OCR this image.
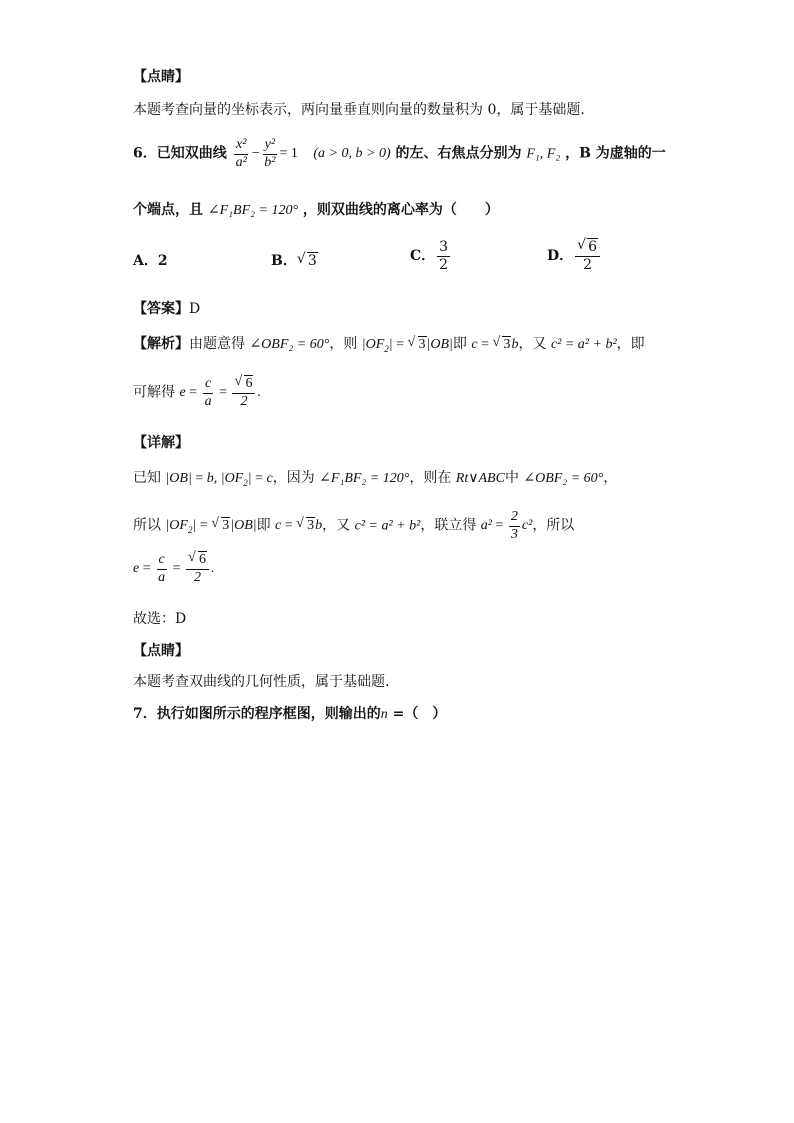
【点睛】
本题考查向量的坐标表示，两向量垂直则向量的数量积为 0，属于基础题.
6．已知双曲线 $\frac{\text{x²}}{\text{a²}} - \frac{\text{y²}}{\text{b²}} = 1$ (a > 0, b > 0) 的左、右焦点分别为 F₁, F₂ ，B 为虚轴的一
个端点，且 ∠F₁BF₂ = 120° ，则双曲线的离心率为（　　）
A．2	B． √ 3	C． $\frac{3}{2}$	D． √ $\frac{6}{2}$
【答案】D
【解析】由题意得 ∠OBF₂ = 60°，则 $|OF_2|$ = √ 3|OB|即 c = √ 3b，又 c² = a² + b²，即
可解得 $e = \frac{c}{a}$ = √ $\frac{6}{2}$ .
【详解】
已知 |OB| = b, $|OF_2| = c$，因为 ∠F₁BF₂ = 120°，则在 Rt∨ABC中 ∠OBF₂ = 60°，
所以 $|OF_2|$ = √ 3|OB|即 c = √ 3b，又 c² = a² + b²，联立得 $a^2 = \frac{2}{3} c^2$，所以
$e = \frac{c}{a}$ = √ $\frac{6}{2}$ .
故选：D
【点睛】
本题考查双曲线的几何性质，属于基础题.
7．执行如图所示的程序框图，则输出的n =（　）
